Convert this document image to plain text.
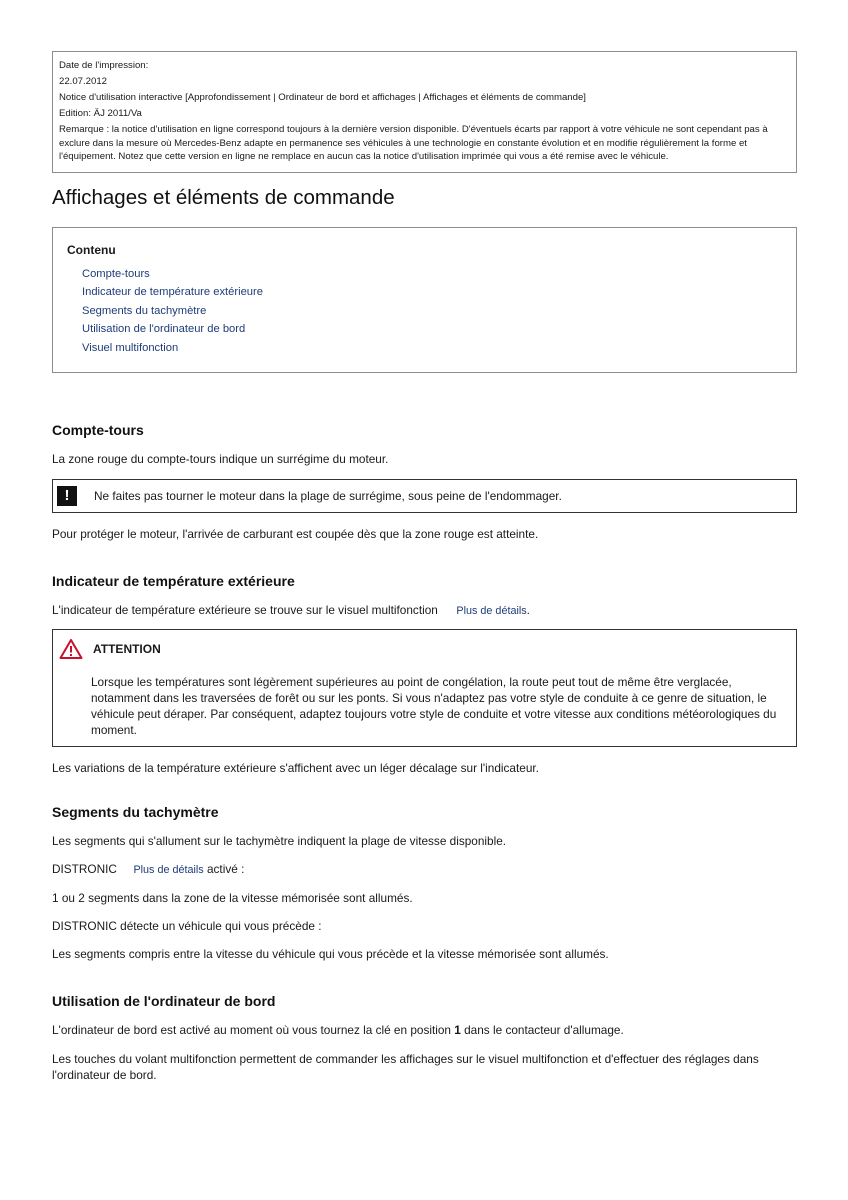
Date de l'impression:
22.07.2012
Notice d'utilisation interactive [Approfondissement | Ordinateur de bord et affichages | Affichages et éléments de commande]
Edition: ÄJ 2011/Va
Remarque : la notice d'utilisation en ligne correspond toujours à la dernière version disponible. D'éventuels écarts par rapport à votre véhicule ne sont cependant pas à exclure dans la mesure où Mercedes-Benz adapte en permanence ses véhicules à une technologie en constante évolution et en modifie régulièrement la forme et l'équipement. Notez que cette version en ligne ne remplace en aucun cas la notice d'utilisation imprimée qui vous a été remise avec le véhicule.
Affichages et éléments de commande
Contenu
Compte-tours
Indicateur de température extérieure
Segments du tachymètre
Utilisation de l'ordinateur de bord
Visuel multifonction
Compte-tours

La zone rouge du compte-tours indique un surrégime du moteur.

!	Ne faites pas tourner le moteur dans la plage de surrégime, sous peine de l'endommager.

Pour protéger le moteur, l'arrivée de carburant est coupée dès que la zone rouge est atteinte.

Indicateur de température extérieure

L'indicateur de température extérieure se trouve sur le visuel multifonction Plus de détails.

ATTENTION
Lorsque les températures sont légèrement supérieures au point de congélation, la route peut tout de même être verglacée, notamment dans les traversées de forêt ou sur les ponts. Si vous n'adaptez pas votre style de conduite à ce genre de situation, le véhicule peut déraper. Par conséquent, adaptez toujours votre style de conduite et votre vitesse aux conditions météorologiques du moment.

Les variations de la température extérieure s'affichent avec un léger décalage sur l'indicateur.

Segments du tachymètre

Les segments qui s'allument sur le tachymètre indiquent la plage de vitesse disponible.

DISTRONIC Plus de détails activé :

1 ou 2 segments dans la zone de la vitesse mémorisée sont allumés.

DISTRONIC détecte un véhicule qui vous précède :

Les segments compris entre la vitesse du véhicule qui vous précède et la vitesse mémorisée sont allumés.

Utilisation de l'ordinateur de bord

L'ordinateur de bord est activé au moment où vous tournez la clé en position 1 dans le contacteur d'allumage.

Les touches du volant multifonction permettent de commander les affichages sur le visuel multifonction et d'effectuer des réglages dans l'ordinateur de bord.
